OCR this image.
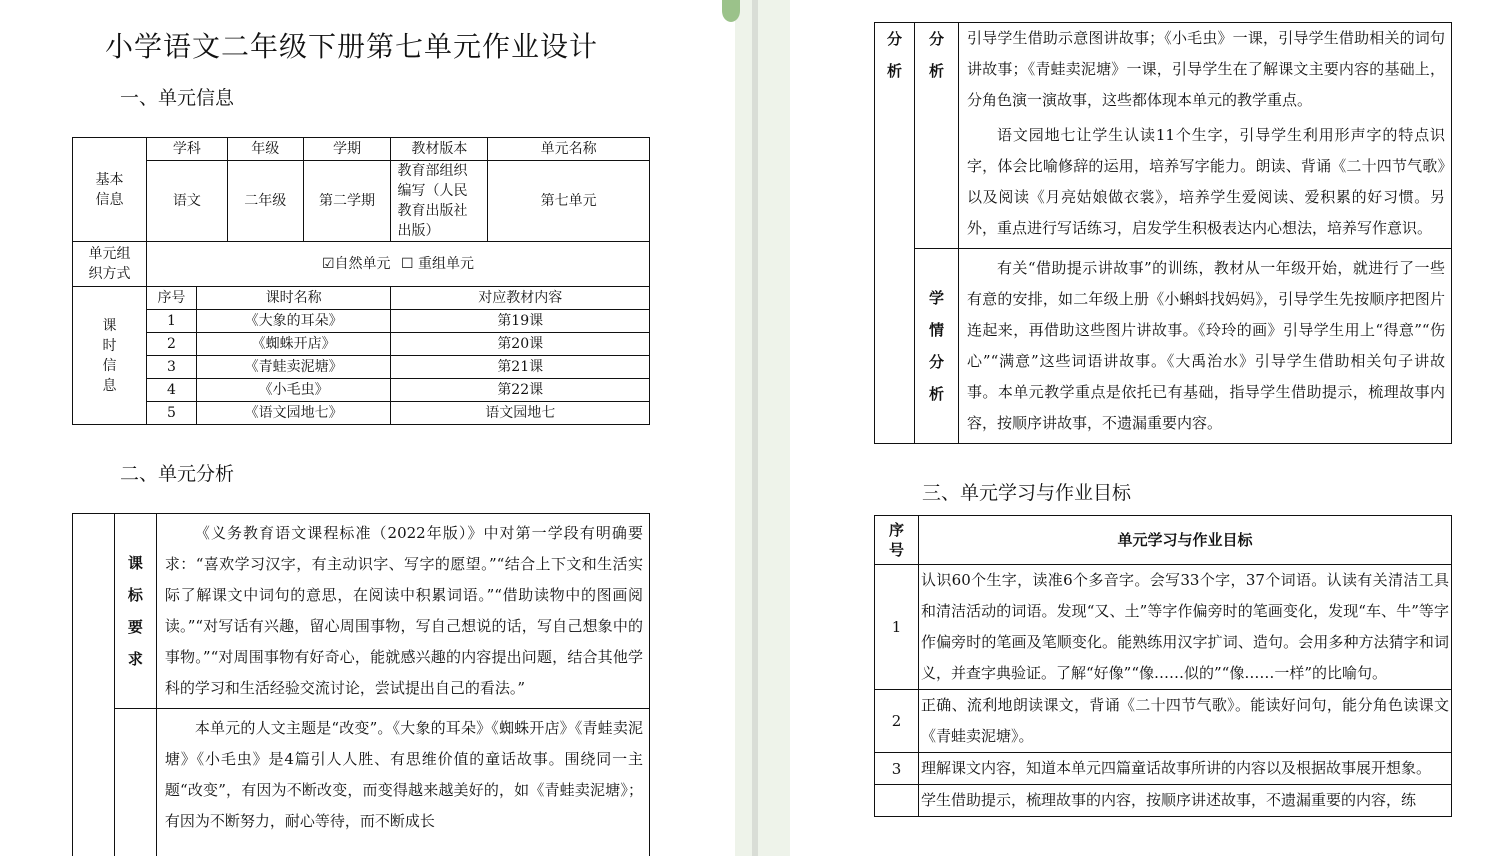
小学语文二年级下册第七单元作业设计
一、单元信息
基本信息	学科		年级	学期	教材版本	单元名称
	语文		二年级	第二学期	教育部组织编写（人民教育出版社出版）	第七单元
单元组织方式	☑自然单元 ☐ 重组单元					
课时信息	序号	课时名称			对应教材内容	
	1	《大象的耳朵》			第19课	
	2	《蜘蛛开店》			第20课	
	3	《青蛙卖泥塘》			第21课	
	4	《小毛虫》			第22课	
	5	《语文园地七》			语文园地七	
二、单元分析
	课标要求	《义务教育语文课程标准（2022年版）》中对第一学段有明确要求：“喜欢学习汉字，有主动识字、写字的愿望。”“结合上下文和生活实际了解课文中词句的意思，在阅读中积累词语。”“借助读物中的图画阅读。”“对写话有兴趣，留心周围事物，写自己想说的话，写自己想象中的事物。”“对周围事物有好奇心，能就感兴趣的内容提出问题，结合其他学科的学习和生活经验交流讨论，尝试提出自己的看法。”
		本单元的人文主题是“改变”。《大象的耳朵》《蜘蛛开店》《青蛙卖泥塘》《小毛虫》是4篇引人人胜、有思维价值的童话故事。围绕同一主题“改变”，有因为不断改变，而变得越来越美好的，如《青蛙卖泥塘》；有因为不断努力，耐心等待，而不断成长
分析	分析	引导学生借助示意图讲故事；《小毛虫》一课，引导学生借助相关的词句讲故事；《青蛙卖泥塘》一课，引导学生在了解课文主要内容的基础上，分角色演一演故事，这些都体现本单元的教学重点。
语文园地七让学生认读11个生字，引导学生利用形声字的特点识字，体会比喻修辞的运用，培养写字能力。朗读、背诵《二十四节气歌》以及阅读《月亮姑娘做衣裳》，培养学生爱阅读、爱积累的好习惯。另外，重点进行写话练习，启发学生积极表达内心想法，培养写作意识。

	学情分析	有关“借助提示讲故事”的训练，教材从一年级开始，就进行了一些有意的安排，如二年级上册《小蝌蚪找妈妈》，引导学生先按顺序把图片连起来，再借助这些图片讲故事。《玲玲的画》引导学生用上“得意”“伤心”“满意”这些词语讲故事。《大禹治水》引导学生借助相关句子讲故事。本单元教学重点是依托已有基础，指导学生借助提示，梳理故事内容，按顺序讲故事，不遗漏重要内容。
三、单元学习与作业目标
序号	单元学习与作业目标
1	认识60个生字，读准6个多音字。会写33个字，37个词语。认读有关清洁工具和清洁活动的词语。发现“又、土”等字作偏旁时的笔画变化，发现“车、牛”等字作偏旁时的笔画及笔顺变化。能熟练用汉字扩词、造句。会用多种方法猜字和词义，并查字典验证。了解“好像”“像……似的”“像……一样”的比喻句。
2	正确、流利地朗读课文，背诵《二十四节气歌》。能读好问句，能分角色读课文《青蛙卖泥塘》。
3	理解课文内容，知道本单元四篇童话故事所讲的内容以及根据故事展开想象。
	学生借助提示，梳理故事的内容，按顺序讲述故事，不遗漏重要的内容，练
